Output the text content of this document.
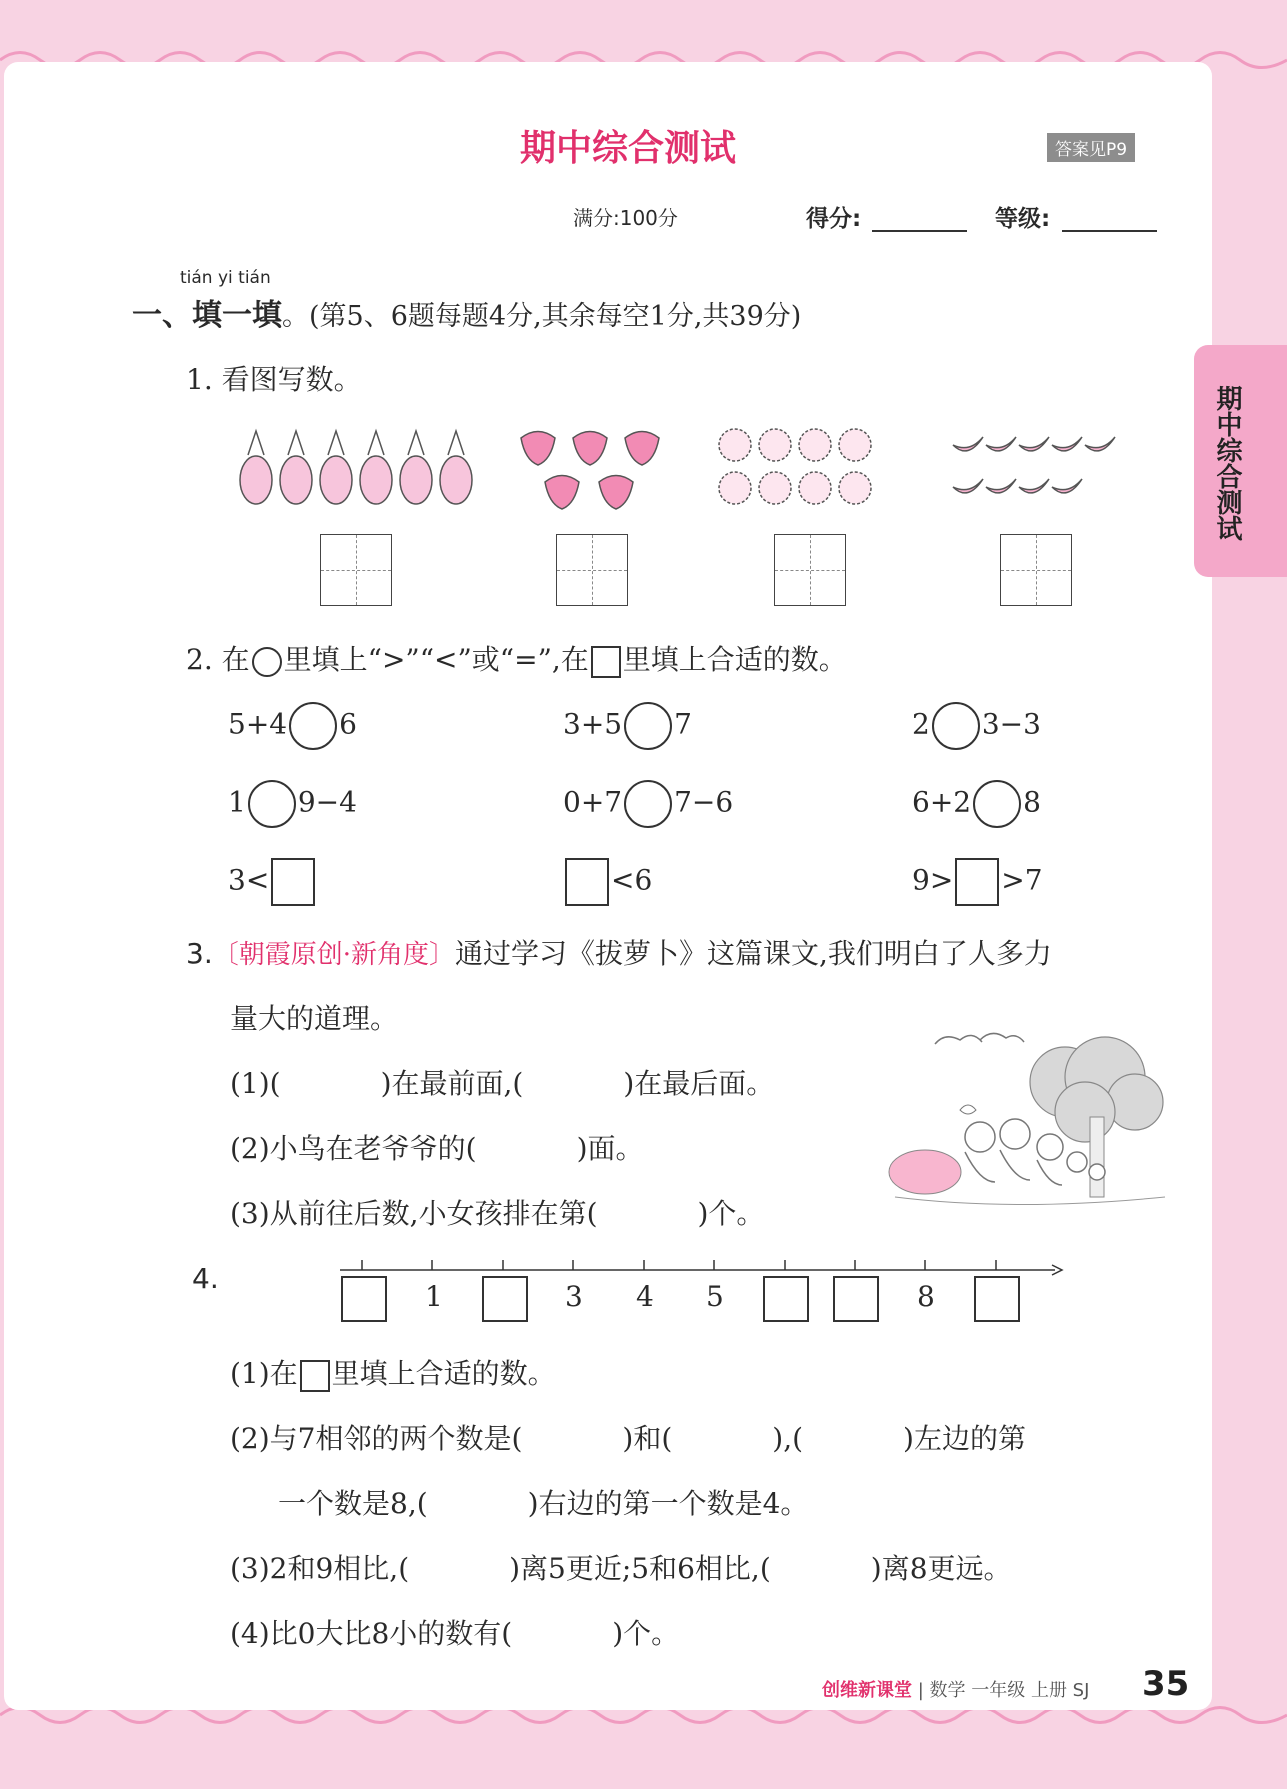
期中综合测试
期中综合测试	答案见P9
满分:100分	得分:	等级:
tián yi tián
一、填一填。(第5、6题每题4分,其余每空1分,共39分)
1. 看图写数。
2. 在 里填上“>”“<”或“=”,在 里填上合适的数。
5+4 6	3+5 7	2 3−3
1 9−4	0+7 7−6	6+2 8
3<	<6	9> >7
3.〔朝霞原创·新角度〕通过学习《拔萝卜》这篇课文,我们明白了人多力
量大的道理。
(1)(	)在最前面,(	)在最后面。
(2)小鸟在老爷爷的(	)面。
(3)从前往后数,小女孩排在第(	)个。
4.
1	3 4 5	8
(1)在 里填上合适的数。
(2)与7相邻的两个数是(	)和(	),(	)左边的第
一个数是8,(	)右边的第一个数是4。
(3)2和9相比,(	)离5更近;5和6相比,(	)离8更远。
(4)比0大比8小的数有(	)个。
创维新课堂 | 数学 一年级 上册 SJ 35
